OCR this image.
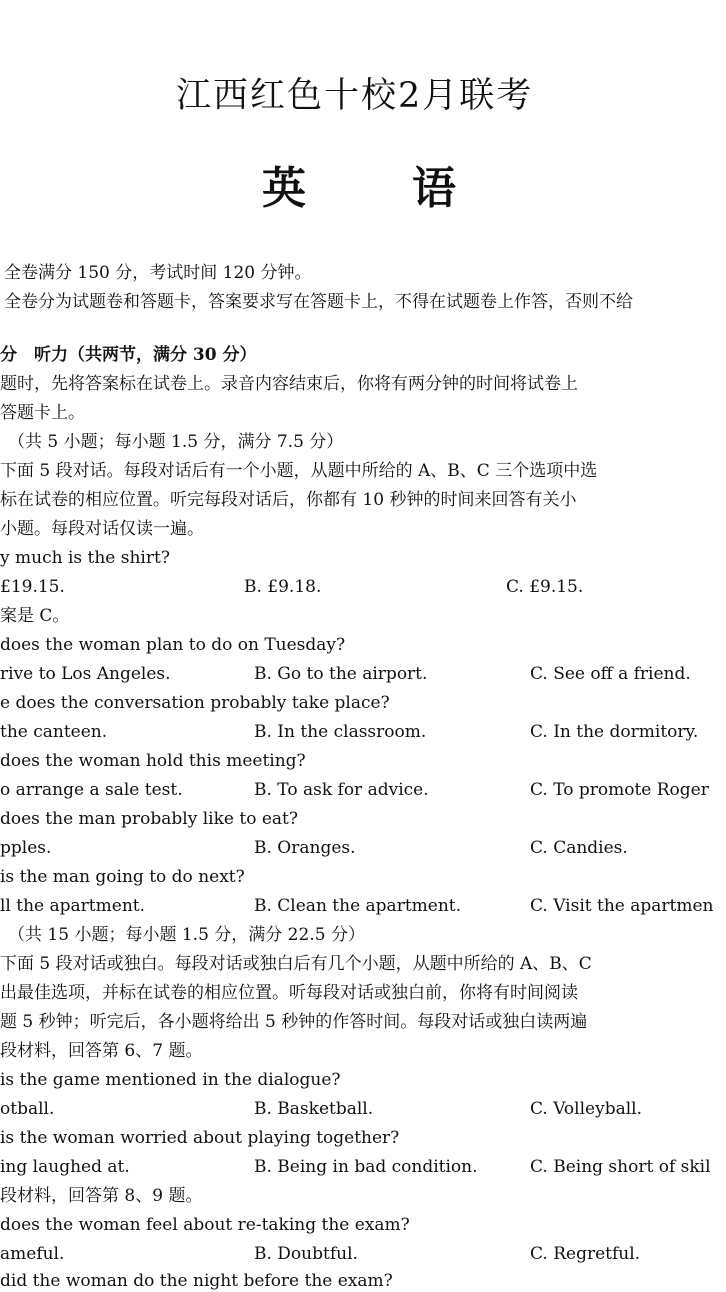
江西红色十校2月联考
英 语
全卷满分 150 分，考试时间 120 分钟。
全卷分为试题卷和答题卡，答案要求写在答题卡上，不得在试题卷上作答，否则不给
分　听力（共两节，满分 30 分）
题时，先将答案标在试卷上。录音内容结束后，你将有两分钟的时间将试卷上
答题卡上。
（共 5 小题；每小题 1.5 分，满分 7.5 分）
下面 5 段对话。每段对话后有一个小题，从题中所给的 A、B、C 三个选项中选
标在试卷的相应位置。听完每段对话后，你都有 10 秒钟的时间来回答有关小
小题。每段对话仅读一遍。
y much is the shirt?
£19.15.	B. £9.18.	C. £9.15.
案是 C。
does the woman plan to do on Tuesday?
rive to Los Angeles.	B. Go to the airport.	C. See off a friend.
e does the conversation probably take place?
the canteen.	B. In the classroom.	C. In the dormitory.
does the woman hold this meeting?
o arrange a sale test.	B. To ask for advice.	C. To promote Roger
does the man probably like to eat?
pples.	B. Oranges.	C. Candies.
is the man going to do next?
ll the apartment.	B. Clean the apartment.	C. Visit the apartmen
（共 15 小题；每小题 1.5 分，满分 22.5 分）
下面 5 段对话或独白。每段对话或独白后有几个小题，从题中所给的 A、B、C
出最佳选项，并标在试卷的相应位置。听每段对话或独白前，你将有时间阅读
题 5 秒钟；听完后，各小题将给出 5 秒钟的作答时间。每段对话或独白读两遍
段材料，回答第 6、7 题。
is the game mentioned in the dialogue?
otball.	B. Basketball.	C. Volleyball.
is the woman worried about playing together?
ing laughed at.	B. Being in bad condition.	C. Being short of skil
段材料，回答第 8、9 题。
does the woman feel about re-taking the exam?
ameful.	B. Doubtful.	C. Regretful.
did the woman do the night before the exam?
